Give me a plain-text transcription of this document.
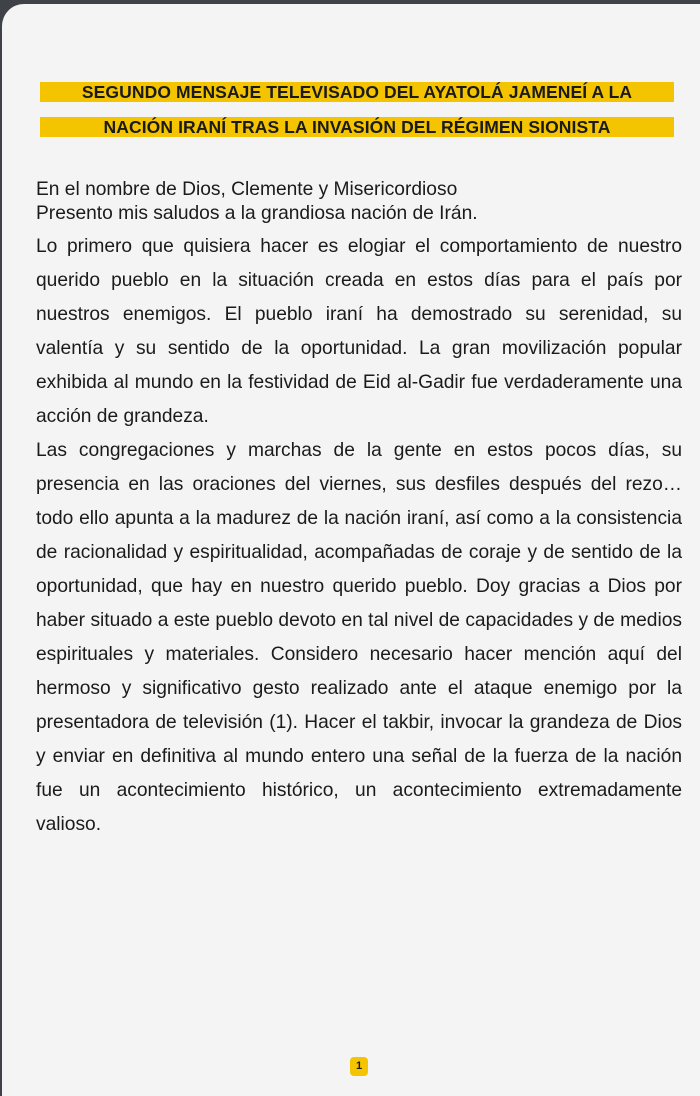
SEGUNDO MENSAJE TELEVISADO DEL AYATOLÁ JAMENEÍ A LA
NACIÓN IRANÍ TRAS LA INVASIÓN DEL RÉGIMEN SIONISTA

En el nombre de Dios, Clemente y Misericordioso

Presento mis saludos a la grandiosa nación de Irán.

Lo primero que quisiera hacer es elogiar el comportamiento de nuestro querido pueblo en la situación creada en estos días para el país por nuestros enemigos. El pueblo iraní ha demostrado su serenidad, su valentía y su sentido de la oportunidad. La gran movilización popular exhibida al mundo en la festividad de Eid al-Gadir fue verdaderamente una acción de grandeza.

Las congregaciones y marchas de la gente en estos pocos días, su presencia en las oraciones del viernes, sus desfiles después del rezo… todo ello apunta a la madurez de la nación iraní, así como a la consistencia de racionalidad y espiritualidad, acompañadas de coraje y de sentido de la oportunidad, que hay en nuestro querido pueblo. Doy gracias a Dios por haber situado a este pueblo devoto en tal nivel de capacidades y de medios espirituales y materiales. Considero necesario hacer mención aquí del hermoso y significativo gesto realizado ante el ataque enemigo por la presentadora de televisión (1). Hacer el takbir, invocar la grandeza de Dios y enviar en definitiva al mundo entero una señal de la fuerza de la nación fue un acontecimiento histórico, un acontecimiento extremadamente valioso.

1
